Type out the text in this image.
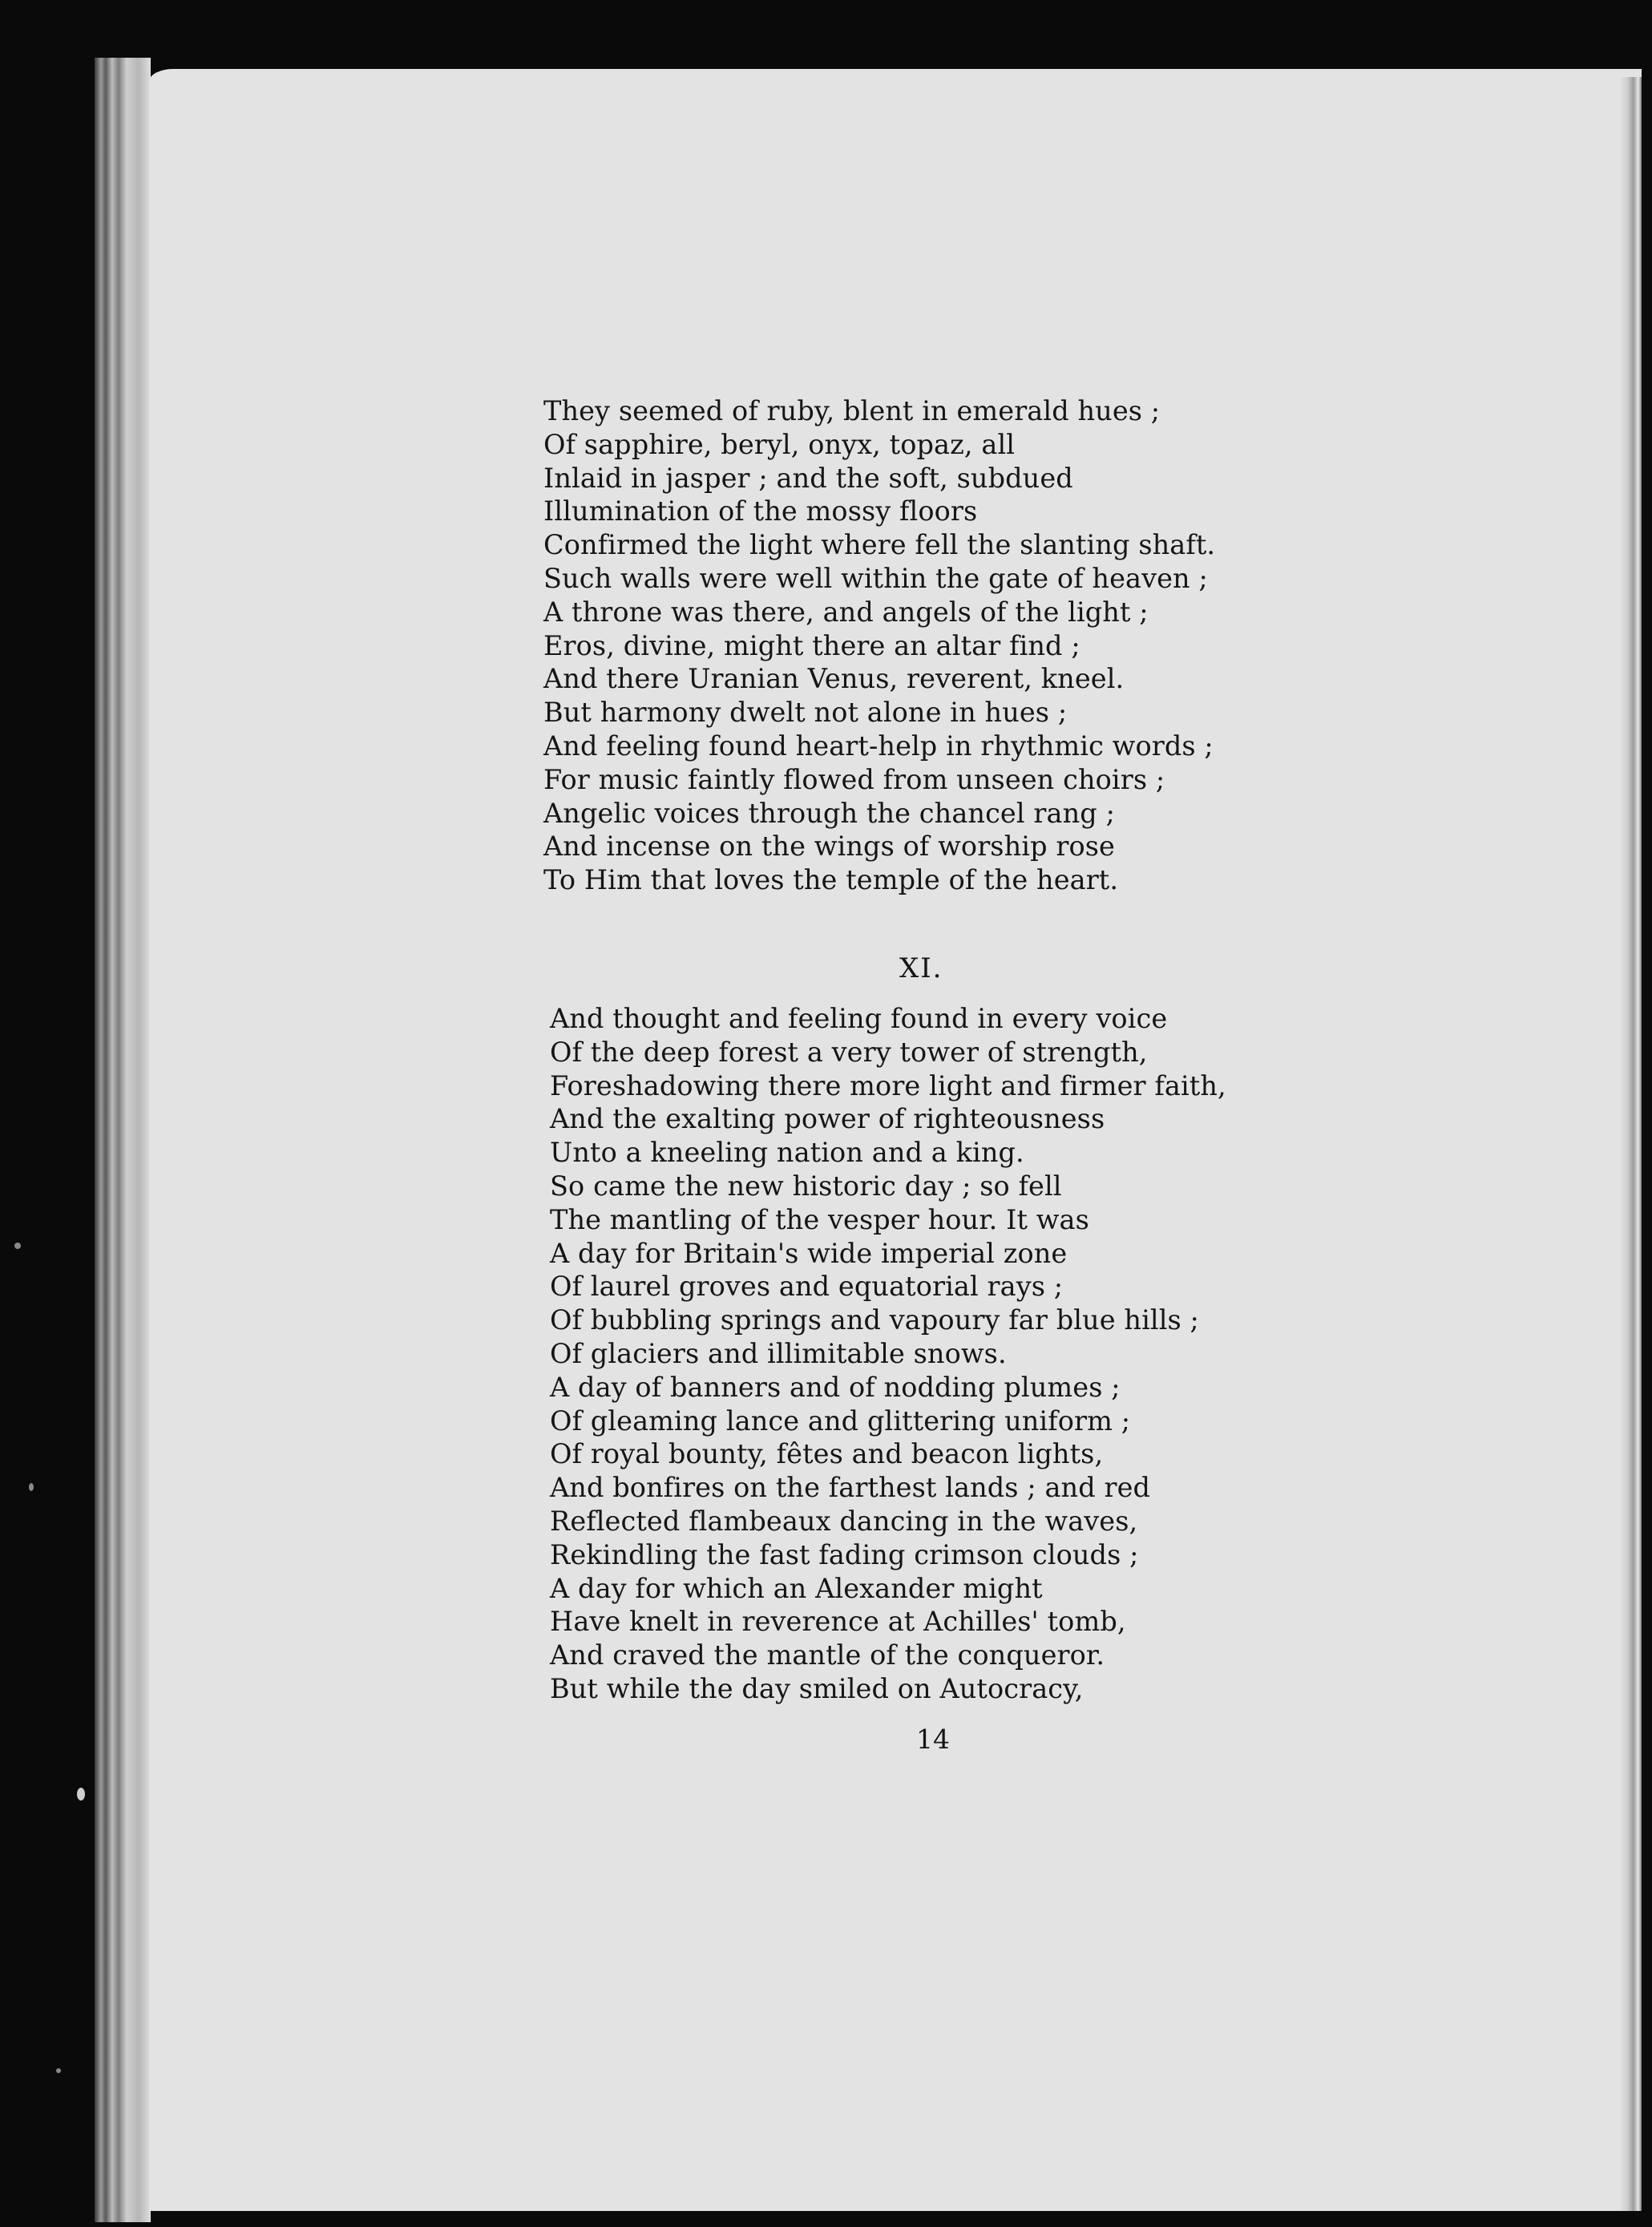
They seemed of ruby, blent in emerald hues ;
Of sapphire, beryl, onyx, topaz, all
Inlaid in jasper ; and the soft, subdued
Illumination of the mossy floors
Confirmed the light where fell the slanting shaft.
Such walls were well within the gate of heaven ;
A throne was there, and angels of the light ;
Eros, divine, might there an altar find ;
And there Uranian Venus, reverent, kneel.
But harmony dwelt not alone in hues ;
And feeling found heart-help in rhythmic words ;
For music faintly flowed from unseen choirs ;
Angelic voices through the chancel rang ;
And incense on the wings of worship rose
To Him that loves the temple of the heart.
XI.
And thought and feeling found in every voice
Of the deep forest a very tower of strength,
Foreshadowing there more light and firmer faith,
And the exalting power of righteousness
Unto a kneeling nation and a king.
So came the new historic day ; so fell
The mantling of the vesper hour. It was
A day for Britain's wide imperial zone
Of laurel groves and equatorial rays ;
Of bubbling springs and vapoury far blue hills ;
Of glaciers and illimitable snows.
A day of banners and of nodding plumes ;
Of gleaming lance and glittering uniform ;
Of royal bounty, fêtes and beacon lights,
And bonfires on the farthest lands ; and red
Reflected flambeaux dancing in the waves,
Rekindling the fast fading crimson clouds ;
A day for which an Alexander might
Have knelt in reverence at Achilles' tomb,
And craved the mantle of the conqueror.
But while the day smiled on Autocracy,
14
